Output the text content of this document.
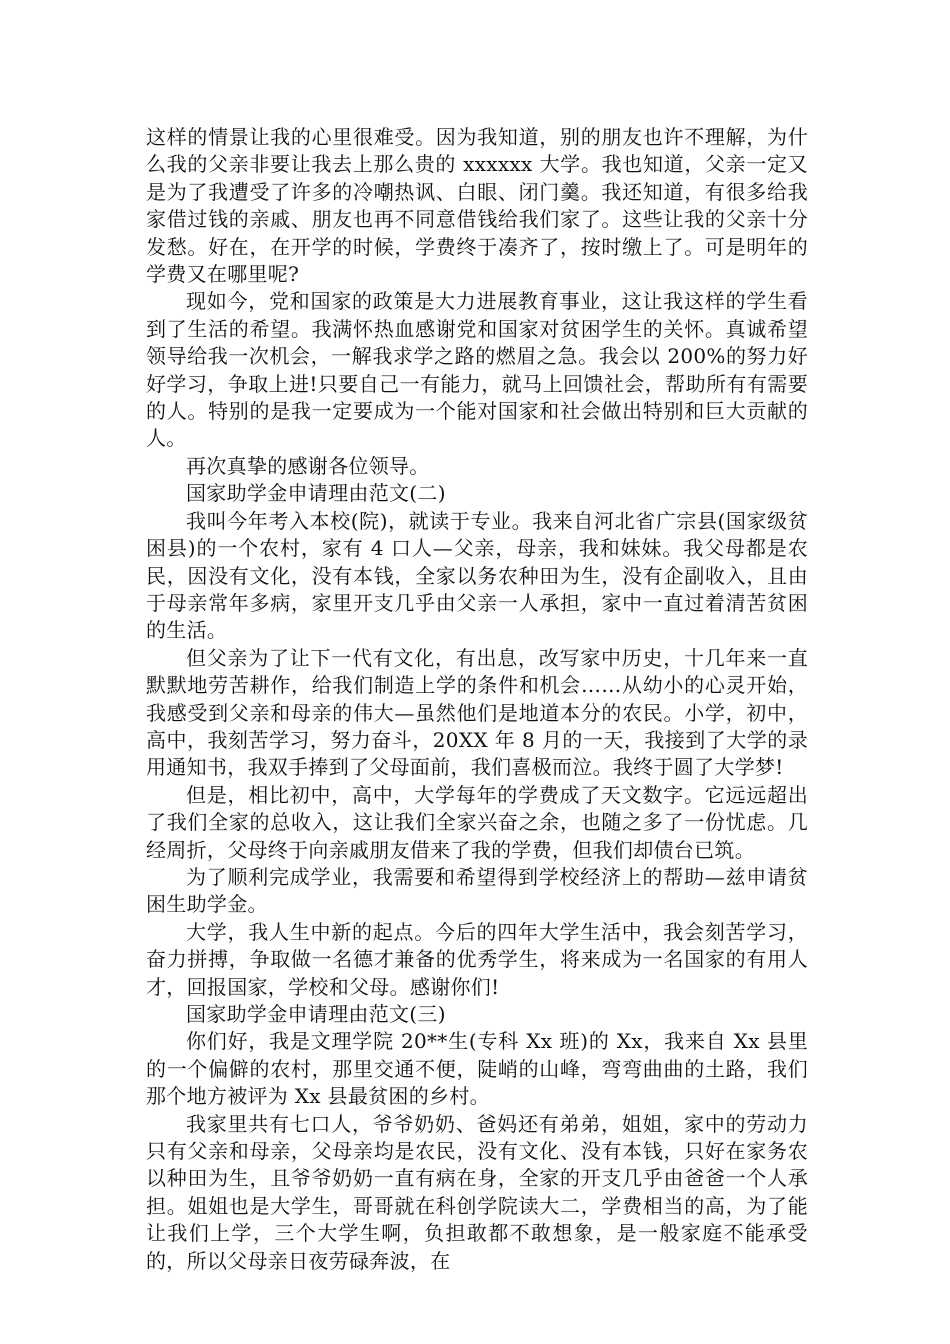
这样的情景让我的心里很难受。因为我知道，别的朋友也许不理解，为什么我的父亲非要让我去上那么贵的 xxxxxx 大学。我也知道，父亲一定又是为了我遭受了许多的冷嘲热讽、白眼、闭门羹。我还知道，有很多给我家借过钱的亲戚、朋友也再不同意借钱给我们家了。这些让我的父亲十分发愁。好在，在开学的时候，学费终于凑齐了，按时缴上了。可是明年的学费又在哪里呢?

现如今，党和国家的政策是大力进展教育事业，这让我这样的学生看到了生活的希望。我满怀热血感谢党和国家对贫困学生的关怀。真诚希望领导给我一次机会，一解我求学之路的燃眉之急。我会以 200%的努力好好学习，争取上进!只要自己一有能力，就马上回馈社会，帮助所有有需要的人。特别的是我一定要成为一个能对国家和社会做出特别和巨大贡献的人。

再次真挚的感谢各位领导。

国家助学金申请理由范文(二)

我叫今年考入本校(院)，就读于专业。我来自河北省广宗县(国家级贫困县)的一个农村，家有 4 口人—父亲，母亲，我和妹妹。我父母都是农民，因没有文化，没有本钱，全家以务农种田为生，没有企副收入，且由于母亲常年多病，家里开支几乎由父亲一人承担，家中一直过着清苦贫困的生活。

但父亲为了让下一代有文化，有出息，改写家中历史，十几年来一直默默地劳苦耕作，给我们制造上学的条件和机会……从幼小的心灵开始，我感受到父亲和母亲的伟大—虽然他们是地道本分的农民。小学，初中，高中，我刻苦学习，努力奋斗，20XX 年 8 月的一天，我接到了大学的录用通知书，我双手捧到了父母面前，我们喜极而泣。我终于圆了大学梦!

但是，相比初中，高中，大学每年的学费成了天文数字。它远远超出了我们全家的总收入，这让我们全家兴奋之余，也随之多了一份忧虑。几经周折，父母终于向亲戚朋友借来了我的学费，但我们却债台已筑。

为了顺利完成学业，我需要和希望得到学校经济上的帮助—兹申请贫困生助学金。

大学，我人生中新的起点。今后的四年大学生活中，我会刻苦学习，奋力拼搏，争取做一名德才兼备的优秀学生，将来成为一名国家的有用人才，回报国家，学校和父母。感谢你们!

国家助学金申请理由范文(三)

你们好，我是文理学院 20**生(专科 Xx 班)的 Xx，我来自 Xx 县里的一个偏僻的农村，那里交通不便，陡峭的山峰，弯弯曲曲的土路，我们那个地方被评为 Xx 县最贫困的乡村。

我家里共有七口人，爷爷奶奶、爸妈还有弟弟，姐姐，家中的劳动力只有父亲和母亲，父母亲均是农民，没有文化、没有本钱，只好在家务农以种田为生，且爷爷奶奶一直有病在身，全家的开支几乎由爸爸一个人承担。姐姐也是大学生，哥哥就在科创学院读大二，学费相当的高，为了能让我们上学，三个大学生啊，负担敢都不敢想象，是一般家庭不能承受的，所以父母亲日夜劳碌奔波，在
